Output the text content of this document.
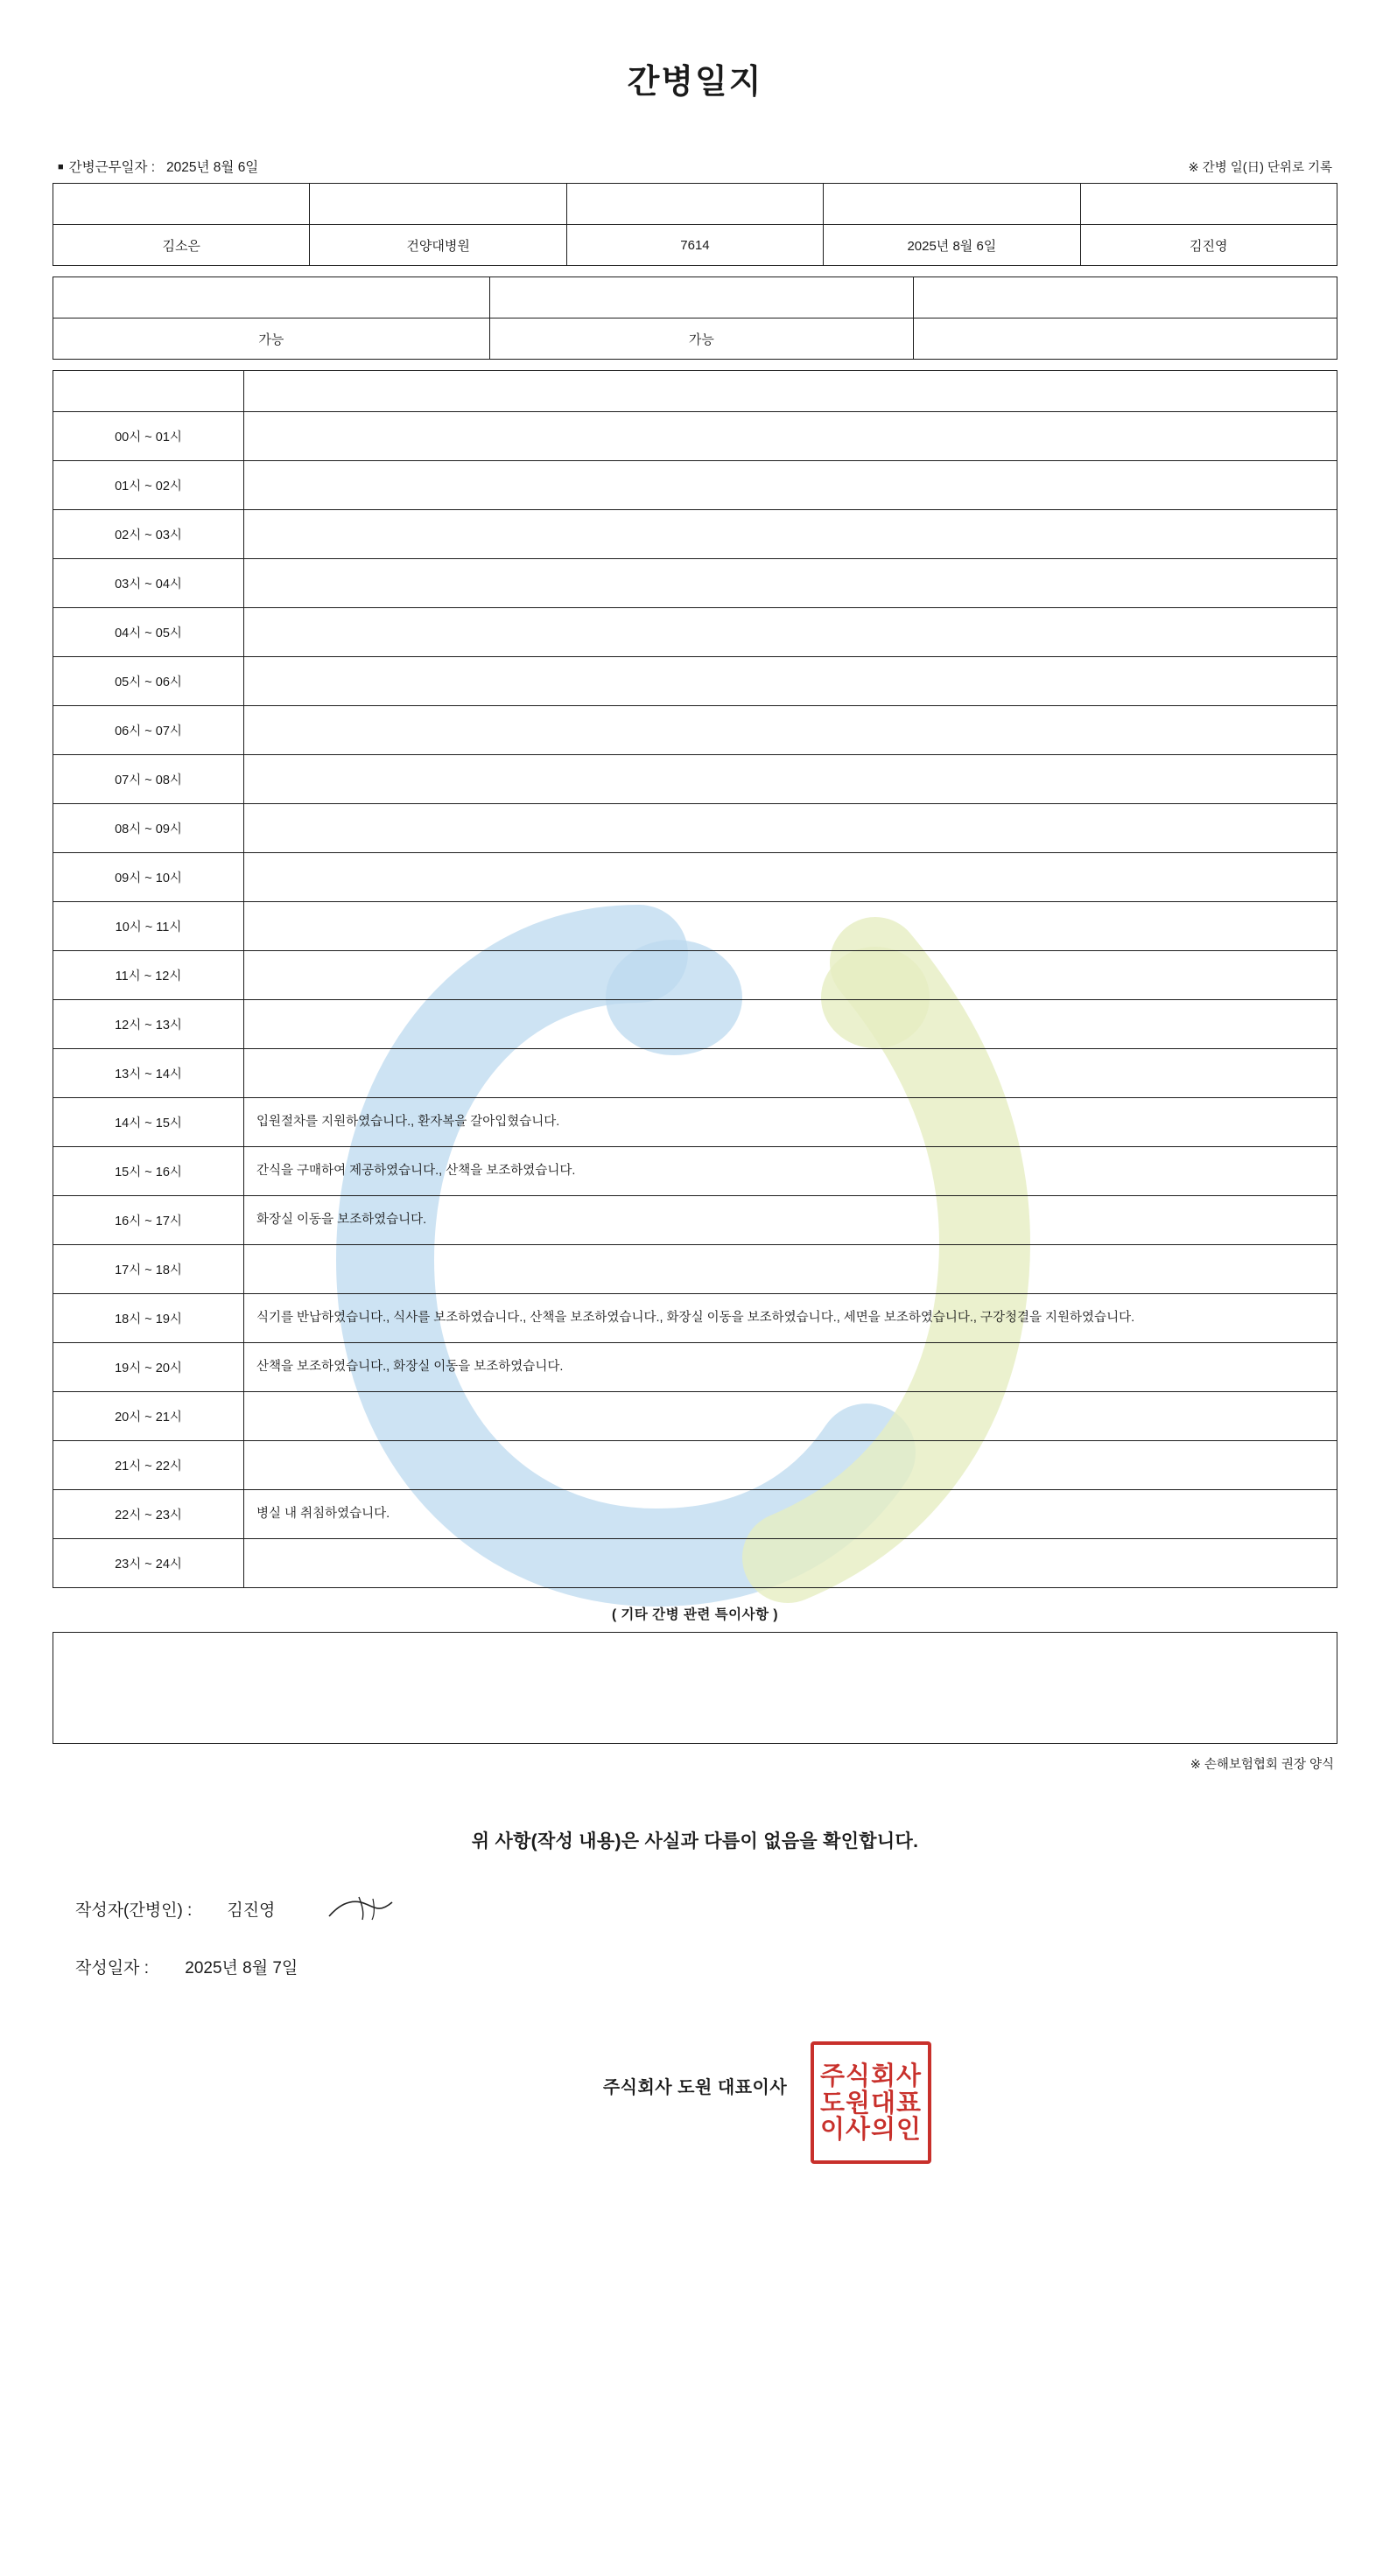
간병일지
■ 간병근무일자 : 2025년 8월 6일	※ 간병 일(日) 단위로 기록
환자성명	의료기관	병실호수	입원날짜	간병인명
김소은	건양대병원	7614	2025년 8월 6일	김진영
자가 보행	음식 경구 섭취	체내 관 삽입
가능	가능	
시간	간병 내용
00시 ~ 01시	
01시 ~ 02시	
02시 ~ 03시	
03시 ~ 04시	
04시 ~ 05시	
05시 ~ 06시	
06시 ~ 07시	
07시 ~ 08시	
08시 ~ 09시	
09시 ~ 10시	
10시 ~ 11시	
11시 ~ 12시	
12시 ~ 13시	
13시 ~ 14시	
14시 ~ 15시	입원절차를 지원하였습니다., 환자복을 갈아입혔습니다.
15시 ~ 16시	간식을 구매하여 제공하였습니다., 산책을 보조하였습니다.
16시 ~ 17시	화장실 이동을 보조하였습니다.
17시 ~ 18시	
18시 ~ 19시	식기를 반납하였습니다., 식사를 보조하였습니다., 산책을 보조하였습니다., 화장실 이동을 보조하였습니다., 세면을 보조하였습니다., 구강청결을 지원하였습니다.
19시 ~ 20시	산책을 보조하였습니다., 화장실 이동을 보조하였습니다.
20시 ~ 21시	
21시 ~ 22시	
22시 ~ 23시	병실 내 취침하였습니다.
23시 ~ 24시	
( 기타 간병 관련 특이사항 )
※ 손해보험협회 권장 양식
위 사항(작성 내용)은 사실과 다름이 없음을 확인합니다.
작성자(간병인) : 김진영
작성일자 : 2025년 8월 7일
주식회사 도원 대표이사 주식회사
도원대표
이사의인
